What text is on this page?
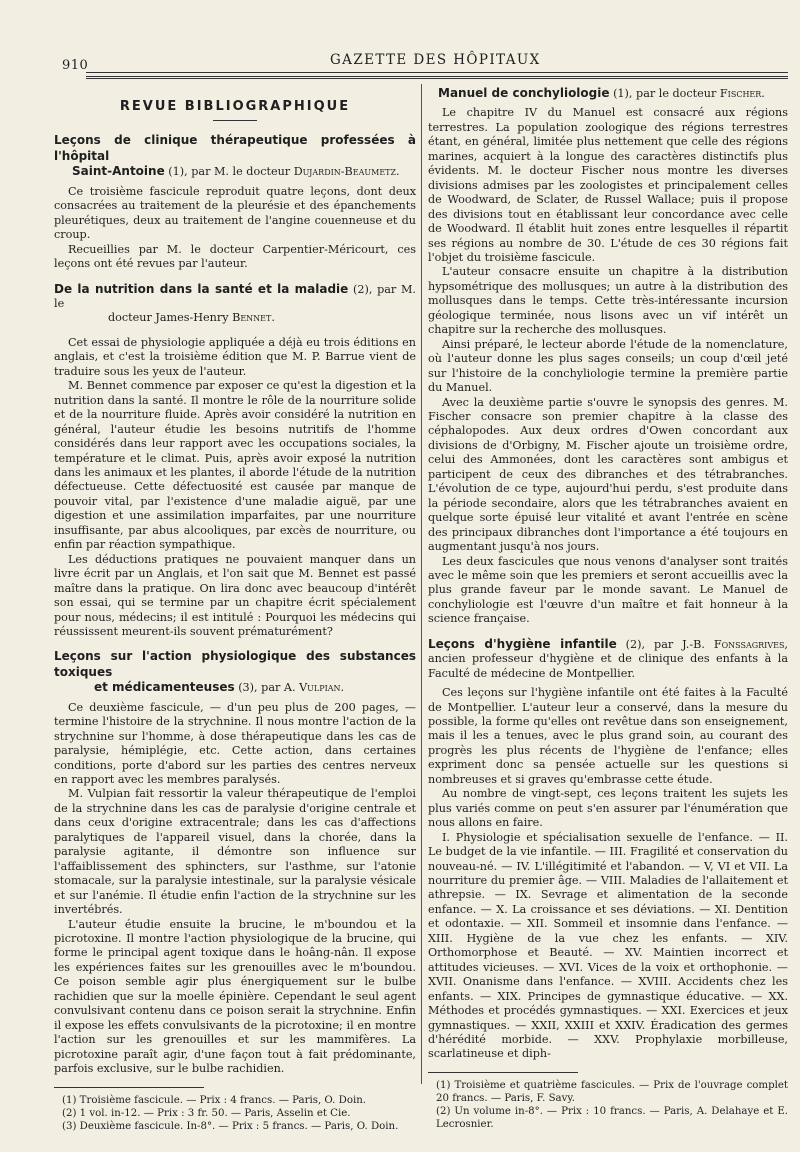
910	GAZETTE DES HÔPITAUX
REVUE BIBLIOGRAPHIQUE
Leçons de clinique thérapeutique professées à l'hôpital
Saint-Antoine (1), par M. le docteur Dujardin-Beaumetz.

Ce troisième fascicule reproduit quatre leçons, dont deux consacrées au traitement de la pleurésie et des épanchements pleurétiques, deux au traitement de l'angine couenneuse et du croup.

Recueillies par M. le docteur Carpentier-Méricourt, ces leçons ont été revues par l'auteur.

De la nutrition dans la santé et la maladie (2), par M. le
docteur James-Henry Bennet.

Cet essai de physiologie appliquée a déjà eu trois éditions en anglais, et c'est la troisième édition que M. P. Barrue vient de traduire sous les yeux de l'auteur.

M. Bennet commence par exposer ce qu'est la digestion et la nutrition dans la santé. Il montre le rôle de la nourriture solide et de la nourriture fluide. Après avoir considéré la nutrition en général, l'auteur étudie les besoins nutritifs de l'homme considérés dans leur rapport avec les occupations sociales, la température et le climat. Puis, après avoir exposé la nutrition dans les animaux et les plantes, il aborde l'étude de la nutrition défectueuse. Cette défectuosité est causée par manque de pouvoir vital, par l'existence d'une maladie aiguë, par une digestion et une assimilation imparfaites, par une nourriture insuffisante, par abus alcooliques, par excès de nourriture, ou enfin par réaction sympathique.

Les déductions pratiques ne pouvaient manquer dans un livre écrit par un Anglais, et l'on sait que M. Bennet est passé maître dans la pratique. On lira donc avec beaucoup d'intérêt son essai, qui se termine par un chapitre écrit spécialement pour nous, médecins; il est intitulé : Pourquoi les médecins qui réussissent meurent-ils souvent prématurément?

Leçons sur l'action physiologique des substances toxiques
et médicamenteuses (3), par A. Vulpian.

Ce deuxième fascicule, — d'un peu plus de 200 pages, — termine l'histoire de la strychnine. Il nous montre l'action de la strychnine sur l'homme, à dose thérapeutique dans les cas de paralysie, hémiplégie, etc. Cette action, dans certaines conditions, porte d'abord sur les parties des centres nerveux en rapport avec les membres paralysés.

M. Vulpian fait ressortir la valeur thérapeutique de l'emploi de la strychnine dans les cas de paralysie d'origine centrale et dans ceux d'origine extracentrale; dans les cas d'affections paralytiques de l'appareil visuel, dans la chorée, dans la paralysie agitante, il démontre son influence sur l'affaiblissement des sphincters, sur l'asthme, sur l'atonie stomacale, sur la paralysie intestinale, sur la paralysie vésicale et sur l'anémie. Il étudie enfin l'action de la strychnine sur les invertébrés.

L'auteur étudie ensuite la brucine, le m'boundou et la picrotoxine. Il montre l'action physiologique de la brucine, qui forme le principal agent toxique dans le hoâng-nân. Il expose les expériences faites sur les grenouilles avec le m'boundou. Ce poison semble agir plus énergiquement sur le bulbe rachidien que sur la moelle épinière. Cependant le seul agent convulsivant contenu dans ce poison serait la strychnine. Enfin il expose les effets convulsivants de la picrotoxine; il en montre l'action sur les grenouilles et sur les mammifères. La picrotoxine paraît agir, d'une façon tout à fait prédominante, parfois exclusive, sur le bulbe rachidien.

(1) Troisième fascicule. — Prix : 4 francs. — Paris, O. Doin.

(2) 1 vol. in-12. — Prix : 3 fr. 50. — Paris, Asselin et Cie.

(3) Deuxième fascicule. In-8°. — Prix : 5 francs. — Paris, O. Doin.

Manuel de conchyliologie (1), par le docteur Fischer.

Le chapitre IV du Manuel est consacré aux régions terrestres. La population zoologique des régions terrestres étant, en général, limitée plus nettement que celle des régions marines, acquiert à la longue des caractères distinctifs plus évidents. M. le docteur Fischer nous montre les diverses divisions admises par les zoologistes et principalement celles de Woodward, de Sclater, de Russel Wallace; puis il propose des divisions tout en établissant leur concordance avec celle de Woodward. Il établit huit zones entre lesquelles il répartit ses régions au nombre de 30. L'étude de ces 30 régions fait l'objet du troisième fascicule.

L'auteur consacre ensuite un chapitre à la distribution hypsométrique des mollusques; un autre à la distribution des mollusques dans le temps. Cette très-intéressante incursion géologique terminée, nous lisons avec un vif intérêt un chapitre sur la recherche des mollusques.

Ainsi préparé, le lecteur aborde l'étude de la nomenclature, où l'auteur donne les plus sages conseils; un coup d'œil jeté sur l'histoire de la conchyliologie termine la première partie du Manuel.

Avec la deuxième partie s'ouvre le synopsis des genres. M. Fischer consacre son premier chapitre à la classe des céphalopodes. Aux deux ordres d'Owen concordant aux divisions de d'Orbigny, M. Fischer ajoute un troisième ordre, celui des Ammonées, dont les caractères sont ambigus et participent de ceux des dibranches et des tétrabranches. L'évolution de ce type, aujourd'hui perdu, s'est produite dans la période secondaire, alors que les tétrabranches avaient en quelque sorte épuisé leur vitalité et avant l'entrée en scène des principaux dibranches dont l'importance a été toujours en augmentant jusqu'à nos jours.

Les deux fascicules que nous venons d'analyser sont traités avec le même soin que les premiers et seront accueillis avec la plus grande faveur par le monde savant. Le Manuel de conchyliologie est l'œuvre d'un maître et fait honneur à la science française.

Leçons d'hygiène infantile (2), par J.-B. Fonssagrives, ancien professeur d'hygiène et de clinique des enfants à la Faculté de médecine de Montpellier.

Ces leçons sur l'hygiène infantile ont été faites à la Faculté de Montpellier. L'auteur leur a conservé, dans la mesure du possible, la forme qu'elles ont revêtue dans son enseignement, mais il les a tenues, avec le plus grand soin, au courant des progrès les plus récents de l'hygiène de l'enfance; elles expriment donc sa pensée actuelle sur les questions si nombreuses et si graves qu'embrasse cette étude.

Au nombre de vingt-sept, ces leçons traitent les sujets les plus variés comme on peut s'en assurer par l'énumération que nous allons en faire.

I. Physiologie et spécialisation sexuelle de l'enfance. — II. Le budget de la vie infantile. — III. Fragilité et conservation du nouveau-né. — IV. L'illégitimité et l'abandon. — V, VI et VII. La nourriture du premier âge. — VIII. Maladies de l'allaitement et athrepsie. — IX. Sevrage et alimentation de la seconde enfance. — X. La croissance et ses déviations. — XI. Dentition et odontaxie. — XII. Sommeil et insomnie dans l'enfance. — XIII. Hygiène de la vue chez les enfants. — XIV. Orthomorphose et Beauté. — XV. Maintien incorrect et attitudes vicieuses. — XVI. Vices de la voix et orthophonie. — XVII. Onanisme dans l'enfance. — XVIII. Accidents chez les enfants. — XIX. Principes de gymnastique éducative. — XX. Méthodes et procédés gymnastiques. — XXI. Exercices et jeux gymnastiques. — XXII, XXIII et XXIV. Éradication des germes d'hérédité morbide. — XXV. Prophylaxie morbilleuse, scarlatineuse et diph-

(1) Troisième et quatrième fascicules. — Prix de l'ouvrage complet 20 francs. — Paris, F. Savy.

(2) Un volume in-8°. — Prix : 10 francs. — Paris, A. Delahaye et E. Lecrosnier.
